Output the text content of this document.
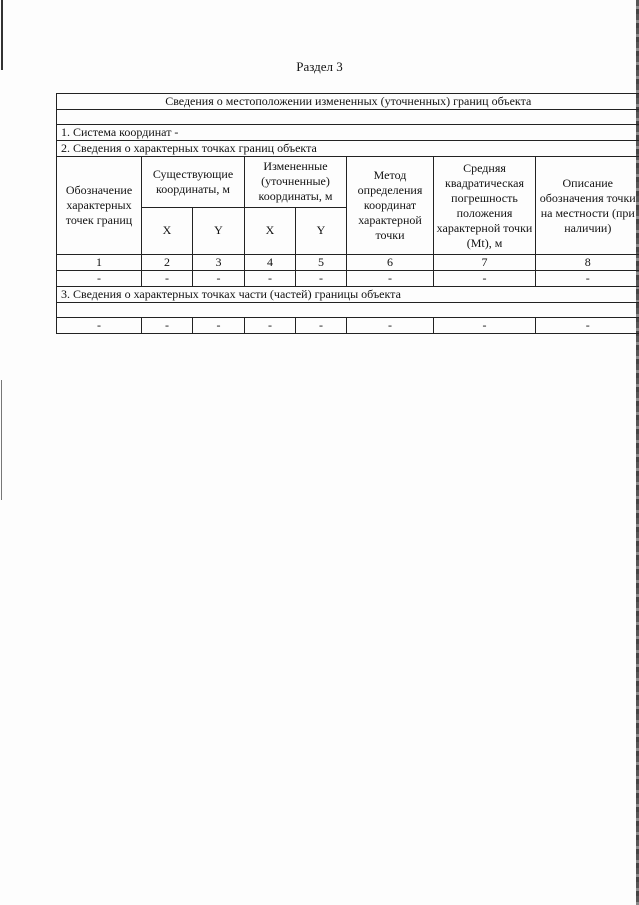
Раздел 3
Сведения о местоположении измененных (уточненных) границ объекта							

1. Система координат -							
2. Сведения о характерных точках границ объекта							
Обозначение характерных точек границ	Существующие координаты, м		Измененные (уточненные) координаты, м		Метод определения координат характерной точки	Средняя квадратическая погрешность положения характерной точки (Mt), м	Описание обозначения точки на местности (при наличии)
	X	Y	X	Y			
1	2	3	4	5	6	7	8
-	-	-	-	-	-	-	-
3. Сведения о характерных точках части (частей) границы объекта							

-	-	-	-	-	-	-	-
